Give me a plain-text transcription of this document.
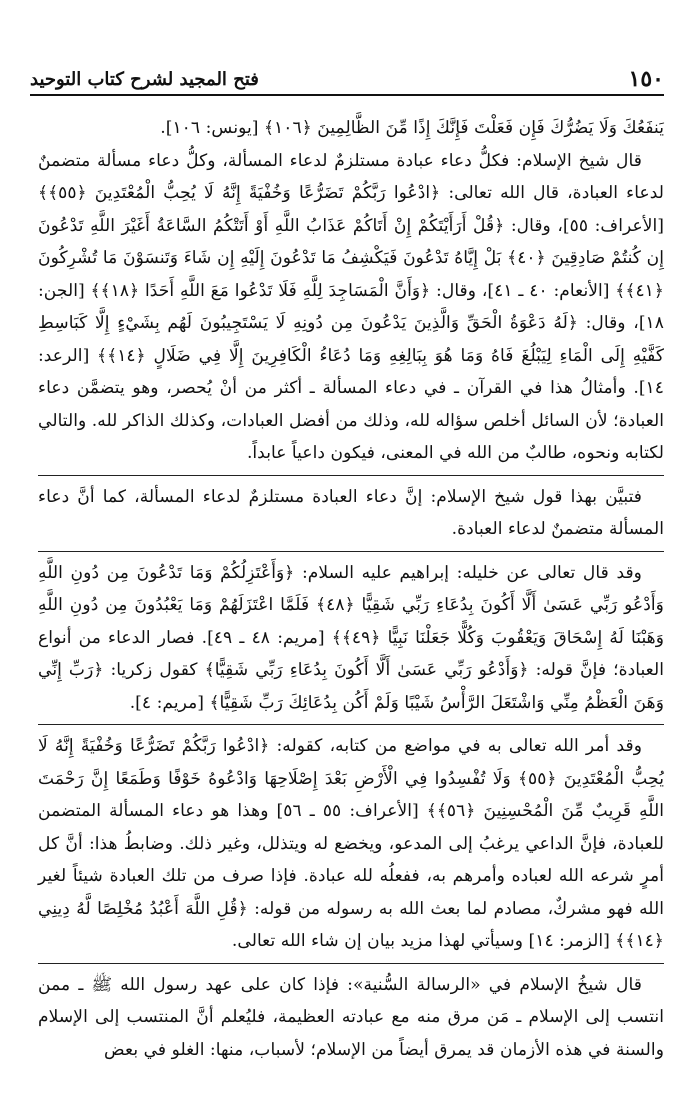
١٥٠
فتح المجيد لشرح كتاب التوحيد

يَنفَعُكَ وَلَا يَضُرُّكَ فَإِن فَعَلْتَ فَإِنَّكَ إِذًا مِّنَ الظَّالِمِينَ ﴿١٠٦﴾ [يونس: ١٠٦].

قال شيخ الإسلام: فكلُّ دعاء عبادة مستلزمٌ لدعاء المسألة، وكلُّ دعاء مسألة متضمنٌ لدعاء العبادة، قال الله تعالى: ﴿ادْعُوا رَبَّكُمْ تَضَرُّعًا وَخُفْيَةً إِنَّهُ لَا يُحِبُّ الْمُعْتَدِينَ ﴿٥٥﴾﴾ [الأعراف: ٥٥]، وقال: ﴿قُلْ أَرَأَيْتَكُمْ إِنْ أَتَاكُمْ عَذَابُ اللَّهِ أَوْ أَتَتْكُمُ السَّاعَةُ أَغَيْرَ اللَّهِ تَدْعُونَ إِن كُنتُمْ صَادِقِينَ ﴿٤٠﴾ بَلْ إِيَّاهُ تَدْعُونَ فَيَكْشِفُ مَا تَدْعُونَ إِلَيْهِ إِن شَاءَ وَتَنسَوْنَ مَا تُشْرِكُونَ ﴿٤١﴾﴾ [الأنعام: ٤٠ ـ ٤١]، وقال: ﴿وَأَنَّ الْمَسَاجِدَ لِلَّهِ فَلَا تَدْعُوا مَعَ اللَّهِ أَحَدًا ﴿١٨﴾﴾ [الجن: ١٨]، وقال: ﴿لَهُ دَعْوَةُ الْحَقِّ وَالَّذِينَ يَدْعُونَ مِن دُونِهِ لَا يَسْتَجِيبُونَ لَهُم بِشَيْءٍ إِلَّا كَبَاسِطِ كَفَّيْهِ إِلَى الْمَاءِ لِيَبْلُغَ فَاهُ وَمَا هُوَ بِبَالِغِهِ وَمَا دُعَاءُ الْكَافِرِينَ إِلَّا فِي ضَلَالٍ ﴿١٤﴾﴾ [الرعد: ١٤]. وأمثالُ هذا في القرآن ـ في دعاء المسألة ـ أكثر من أنْ يُحصر، وهو يتضمَّن دعاء العبادة؛ لأن السائل أخلص سؤاله لله، وذلك من أفضل العبادات، وكذلك الذاكر لله. والتالي لكتابه ونحوه، طالبٌ من الله في المعنى، فيكون داعياً عابداً.

فتبيَّن بهذا قول شيخ الإسلام: إنَّ دعاء العبادة مستلزمٌ لدعاء المسألة، كما أنَّ دعاء المسألة متضمنٌ لدعاء العبادة.

وقد قال تعالى عن خليله: إبراهيم عليه السلام: ﴿وَأَعْتَزِلُكُمْ وَمَا تَدْعُونَ مِن دُونِ اللَّهِ وَأَدْعُو رَبِّي عَسَىٰ أَلَّا أَكُونَ بِدُعَاءِ رَبِّي شَقِيًّا ﴿٤٨﴾ فَلَمَّا اعْتَزَلَهُمْ وَمَا يَعْبُدُونَ مِن دُونِ اللَّهِ وَهَبْنَا لَهُ إِسْحَاقَ وَيَعْقُوبَ وَكُلًّا جَعَلْنَا نَبِيًّا ﴿٤٩﴾﴾ [مريم: ٤٨ ـ ٤٩]. فصار الدعاء من أنواع العبادة؛ فإنَّ قوله: ﴿وَأَدْعُو رَبِّي عَسَىٰ أَلَّا أَكُونَ بِدُعَاءِ رَبِّي شَقِيًّا﴾ كقول زكريا: ﴿رَبِّ إِنِّي وَهَنَ الْعَظْمُ مِنِّي وَاشْتَعَلَ الرَّأْسُ شَيْبًا وَلَمْ أَكُن بِدُعَائِكَ رَبِّ شَقِيًّا﴾ [مريم: ٤].

وقد أمر الله تعالى به في مواضع من كتابه، كقوله: ﴿ادْعُوا رَبَّكُمْ تَضَرُّعًا وَخُفْيَةً إِنَّهُ لَا يُحِبُّ الْمُعْتَدِينَ ﴿٥٥﴾ وَلَا تُفْسِدُوا فِي الْأَرْضِ بَعْدَ إِصْلَاحِهَا وَادْعُوهُ خَوْفًا وَطَمَعًا إِنَّ رَحْمَتَ اللَّهِ قَرِيبٌ مِّنَ الْمُحْسِنِينَ ﴿٥٦﴾﴾ [الأعراف: ٥٥ ـ ٥٦] وهذا هو دعاء المسألة المتضمن للعبادة، فإنَّ الداعي يرغبُ إلى المدعو، ويخضع له ويتذلل، وغير ذلك. وضابطُ هذا: أنَّ كل أمرٍ شرعه الله لعباده وأمرهم به، ففعلُه لله عبادة. فإذا صرف من تلك العبادة شيئاً لغير الله فهو مشركٌ، مصادم لما بعث الله به رسوله من قوله: ﴿قُلِ اللَّهَ أَعْبُدُ مُخْلِصًا لَّهُ دِينِي ﴿١٤﴾﴾ [الزمر: ١٤] وسيأتي لهذا مزيد بيان إن شاء الله تعالى.

قال شيخُ الإسلام في «الرسالة السُّنية»: فإذا كان على عهد رسول الله ﷺ ـ ممن انتسب إلى الإسلام ـ مَن مرق منه مع عبادته العظيمة، فليُعلم أنَّ المنتسب إلى الإسلام والسنة في هذه الأزمان قد يمرق أيضاً من الإسلام؛ لأسباب، منها: الغلو في بعض
